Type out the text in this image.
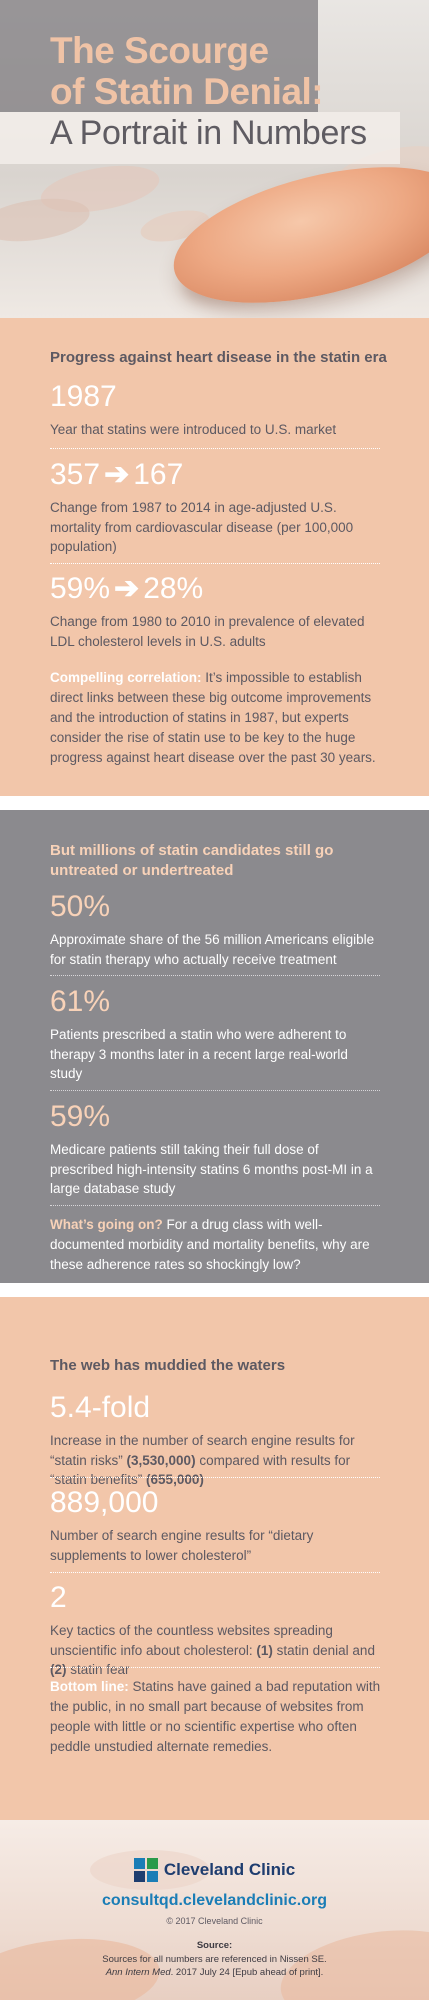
The Scourge
of Statin Denial:
A Portrait in Numbers
Progress against heart disease in the statin era
1987
Year that statins were introduced to U.S. market
357 ➔ 167
Change from 1987 to 2014 in age-adjusted U.S. mortality from cardiovascular disease (per 100,000 population)
59% ➔ 28%
Change from 1980 to 2010 in prevalence of elevated LDL cholesterol levels in U.S. adults
Compelling correlation: It’s impossible to establish direct links between these big outcome improvements and the introduction of statins in 1987, but experts consider the rise of statin use to be key to the huge progress against heart disease over the past 30 years.
But millions of statin candidates still go untreated or undertreated
50%
Approximate share of the 56 million Americans eligible for statin therapy who actually receive treatment
61%
Patients prescribed a statin who were adherent to therapy 3 months later in a recent large real-world study
59%
Medicare patients still taking their full dose of prescribed high-intensity statins 6 months post-MI in a large database study
What’s going on? For a drug class with well-documented morbidity and mortality benefits, why are these adherence rates so shockingly low?
The web has muddied the waters
5.4-fold
Increase in the number of search engine results for “statin risks” (3,530,000) compared with results for “statin benefits” (655,000)
889,000
Number of search engine results for “dietary supplements to lower cholesterol”
2
Key tactics of the countless websites spreading unscientific info about cholesterol: (1) statin denial and (2) statin fear
Bottom line: Statins have gained a bad reputation with the public, in no small part because of websites from people with little or no scientific expertise who often peddle unstudied alternate remedies.
Cleveland Clinic
consultqd.clevelandclinic.org
© 2017 Cleveland Clinic
Source:
Sources for all numbers are referenced in Nissen SE.
Ann Intern Med. 2017 July 24 [Epub ahead of print].
